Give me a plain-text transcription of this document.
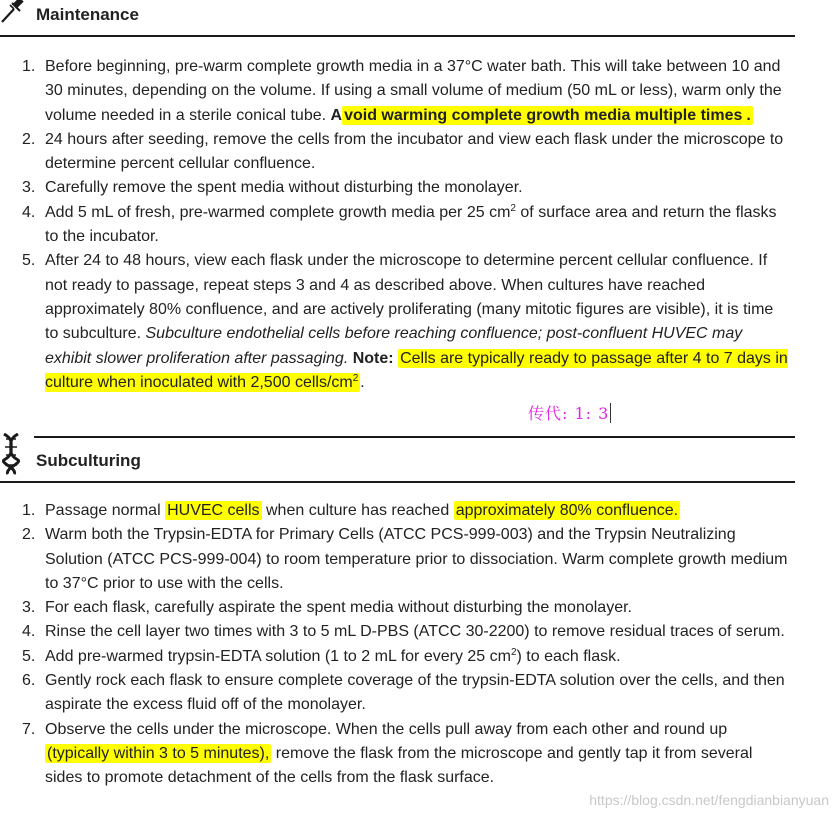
Maintenance
1. Before beginning, pre-warm complete growth media in a 37°C water bath. This will take between 10 and 30 minutes, depending on the volume. If using a small volume of medium (50 mL or less), warm only the volume needed in a sterile conical tube. A void warming complete growth media multiple times .
2. 24 hours after seeding, remove the cells from the incubator and view each flask under the microscope to determine percent cellular confluence.
3. Carefully remove the spent media without disturbing the monolayer.
4. Add 5 mL of fresh, pre-warmed complete growth media per 25 $cm^2$ of surface area and return the flasks to the incubator.
5. After 24 to 48 hours, view each flask under the microscope to determine percent cellular confluence. If not ready to passage, repeat steps 3 and 4 as described above. When cultures have reached approximately 80% confluence, and are actively proliferating (many mitotic figures are visible), it is time to subculture. Subculture endothelial cells before reaching confluence; post-confluent HUVEC may exhibit slower proliferation after passaging. Note: Cells are typically ready to passage after 4 to 7 days in culture when inoculated with 2,500 cells/$cm^2$ .
传代: 1: 3
Subculturing
1. Passage normal HUVEC cells when culture has reached approximately 80% confluence.
2. Warm both the Trypsin-EDTA for Primary Cells (ATCC PCS-999-003) and the Trypsin Neutralizing Solution (ATCC PCS-999-004) to room temperature prior to dissociation. Warm complete growth medium to 37°C prior to use with the cells.
3. For each flask, carefully aspirate the spent media without disturbing the monolayer.
4. Rinse the cell layer two times with 3 to 5 mL D-PBS (ATCC 30-2200) to remove residual traces of serum.
5. Add pre-warmed trypsin-EDTA solution (1 to 2 mL for every 25 $cm^2$) to each flask.
6. Gently rock each flask to ensure complete coverage of the trypsin-EDTA solution over the cells, and then aspirate the excess fluid off of the monolayer.
7. Observe the cells under the microscope. When the cells pull away from each other and round up (typically within 3 to 5 minutes), remove the flask from the microscope and gently tap it from several sides to promote detachment of the cells from the flask surface.
https://blog.csdn.net/fengdianbianyuan
